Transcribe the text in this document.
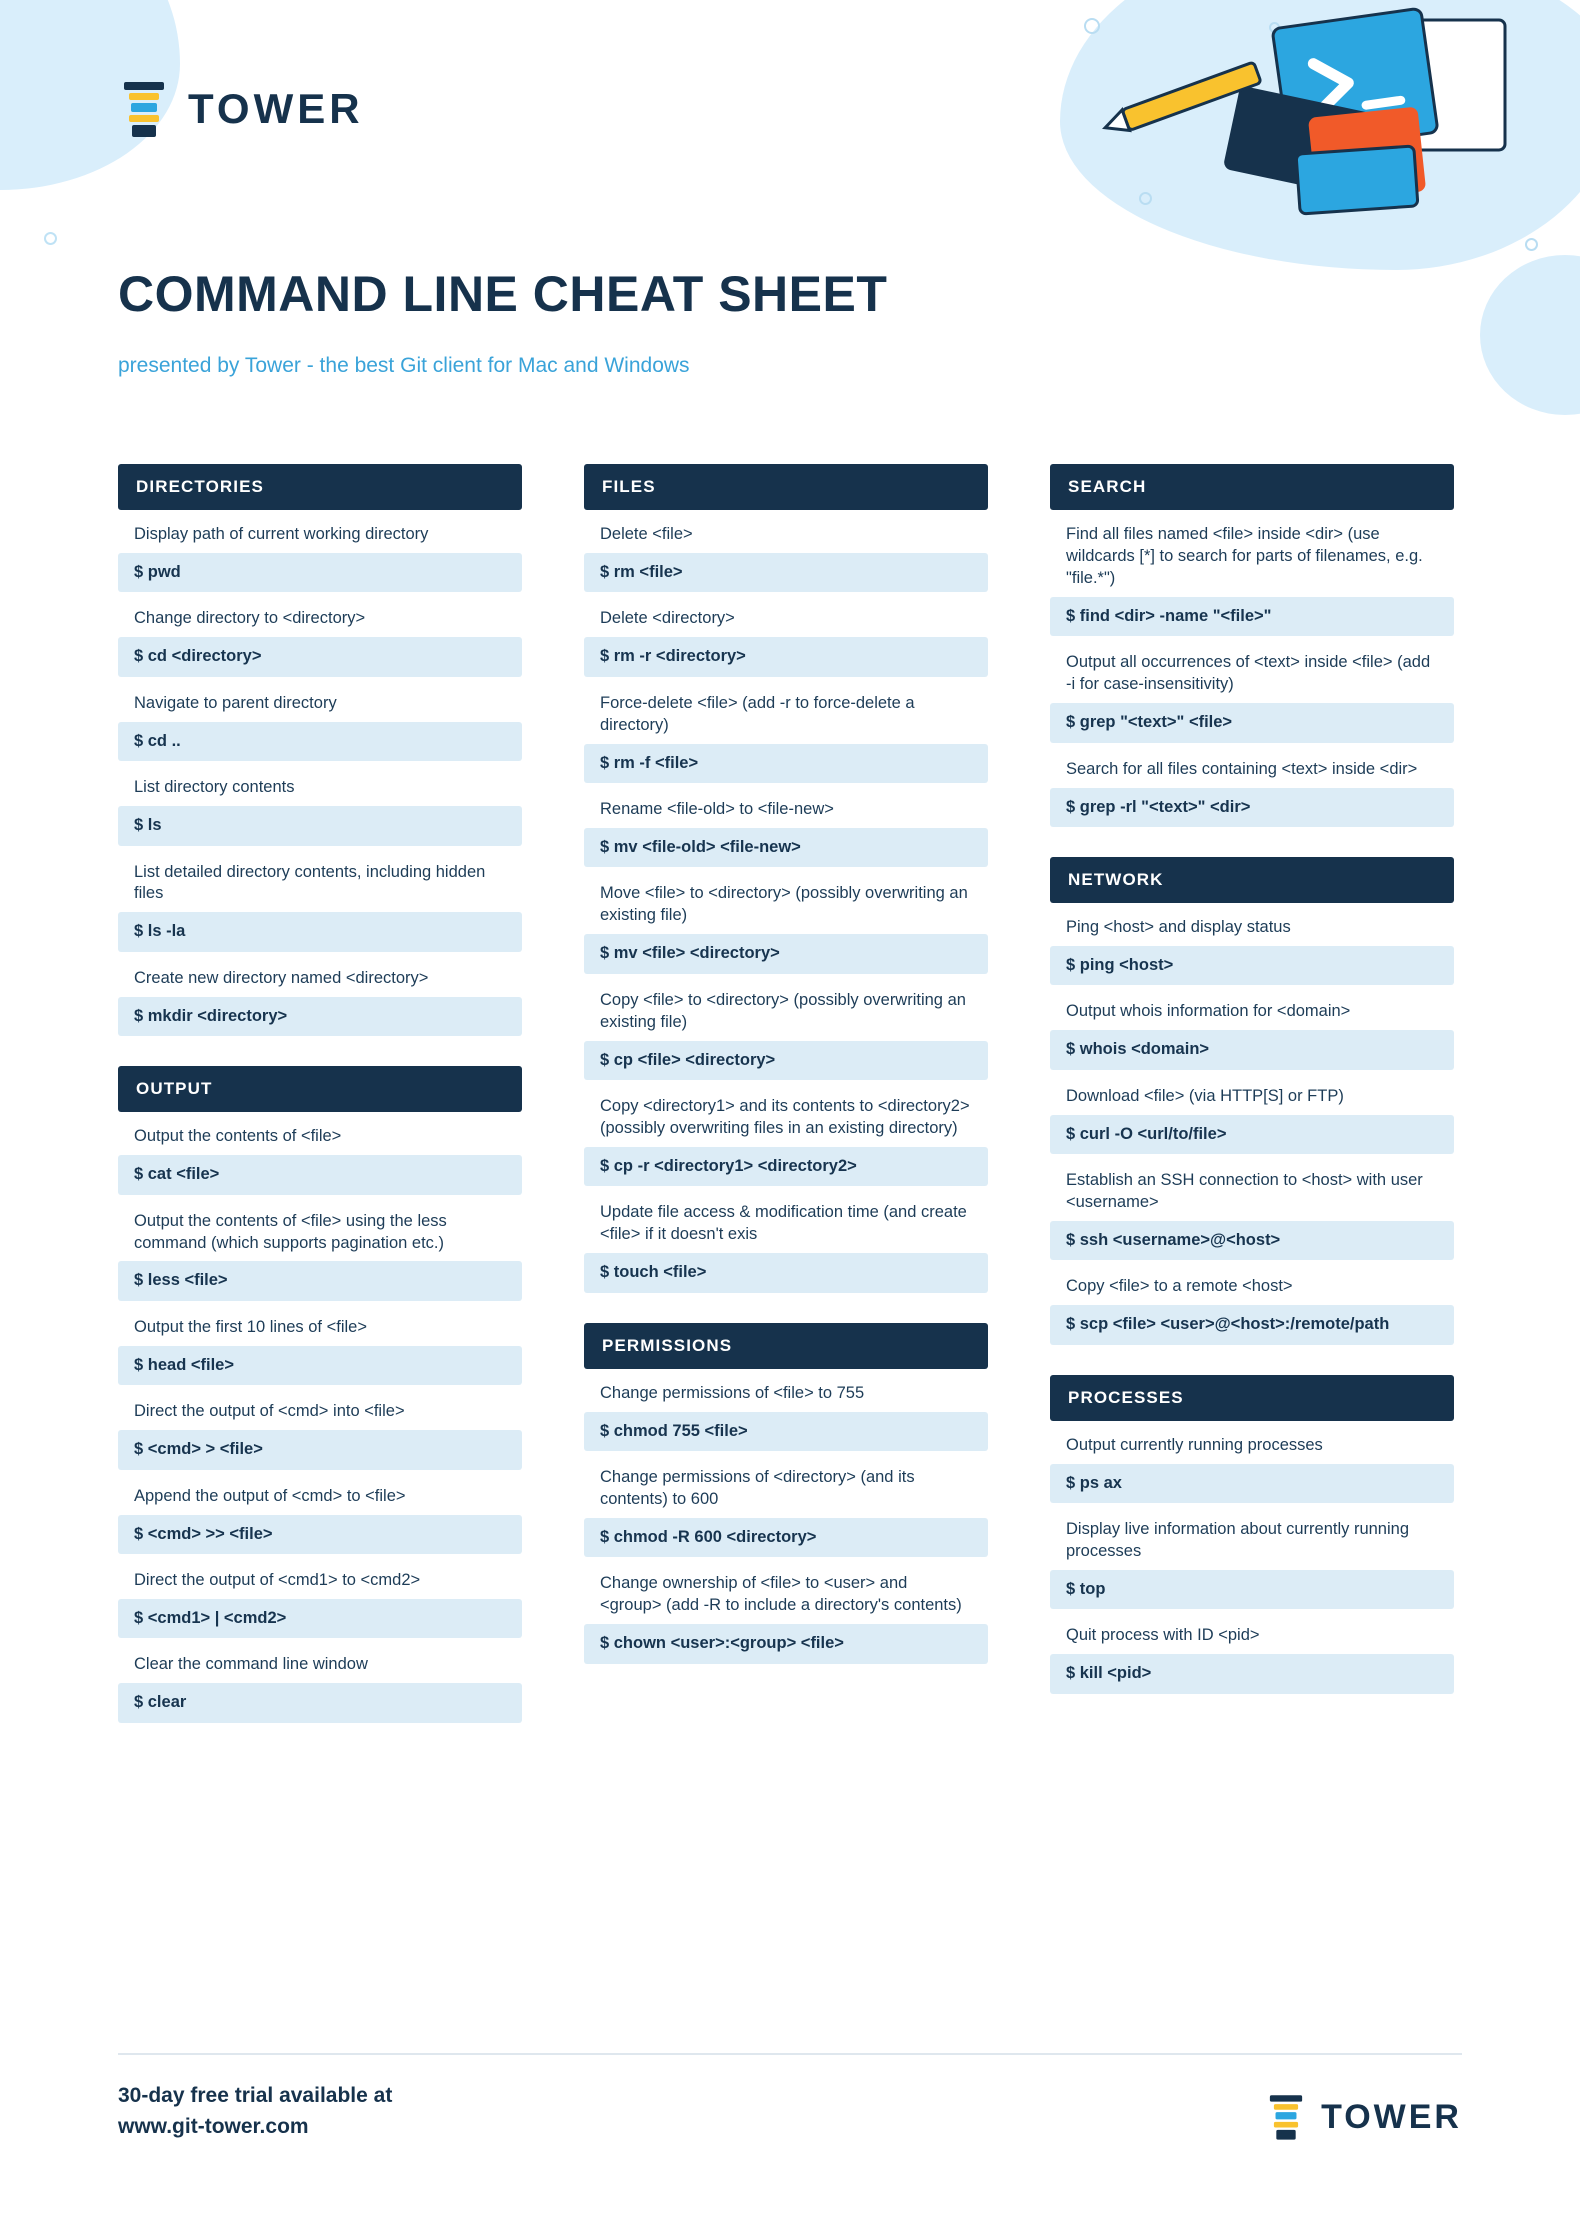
TOWER
COMMAND LINE CHEAT SHEET
presented by Tower - the best Git client for Mac and Windows
DIRECTORIES
Display path of current working directory
$ pwd
Change directory to <directory>
$ cd <directory>
Navigate to parent directory
$ cd ..
List directory contents
$ ls
List detailed directory contents, including hidden files
$ ls -la
Create new directory named <directory>
$ mkdir <directory>
OUTPUT
Output the contents of <file>
$ cat <file>
Output the contents of <file> using the less command (which supports pagination etc.)
$ less <file>
Output the first 10 lines of <file>
$ head <file>
Direct the output of <cmd> into <file>
$ <cmd> > <file>
Append the output of <cmd> to <file>
$ <cmd> >> <file>
Direct the output of <cmd1> to <cmd2>
$ <cmd1> | <cmd2>
Clear the command line window
$ clear
FILES
Delete <file>
$ rm <file>
Delete <directory>
$ rm -r <directory>
Force-delete <file> (add -r to force-delete a directory)
$ rm -f <file>
Rename <file-old> to <file-new>
$ mv <file-old> <file-new>
Move <file> to <directory> (possibly overwriting an existing file)
$ mv <file> <directory>
Copy <file> to <directory> (possibly overwriting an existing file)
$ cp <file> <directory>
Copy <directory1> and its contents to <directory2> (possibly overwriting files in an existing directory)
$ cp -r <directory1> <directory2>
Update file access & modification time (and create <file> if it doesn't exis
$ touch <file>
PERMISSIONS
Change permissions of <file> to 755
$ chmod 755 <file>
Change permissions of <directory> (and its contents) to 600
$ chmod -R 600 <directory>
Change ownership of <file> to <user> and <group> (add -R to include a directory's contents)
$ chown <user>:<group> <file>
SEARCH
Find all files named <file> inside <dir> (use wildcards [*] to search for parts of filenames, e.g. "file.*")
$ find <dir> -name "<file>"
Output all occurrences of <text> inside <file> (add -i for case-insensitivity)
$ grep "<text>" <file>
Search for all files containing <text> inside <dir>
$ grep -rl "<text>" <dir>
NETWORK
Ping <host> and display status
$ ping <host>
Output whois information for <domain>
$ whois <domain>
Download <file> (via HTTP[S] or FTP)
$ curl -O <url/to/file>
Establish an SSH connection to <host> with user <username>
$ ssh <username>@<host>
Copy <file> to a remote <host>
$ scp <file> <user>@<host>:/remote/path
PROCESSES
Output currently running processes
$ ps ax
Display live information about currently running processes
$ top
Quit process with ID <pid>
$ kill <pid>
30-day free trial available at
www.git-tower.com	TOWER
